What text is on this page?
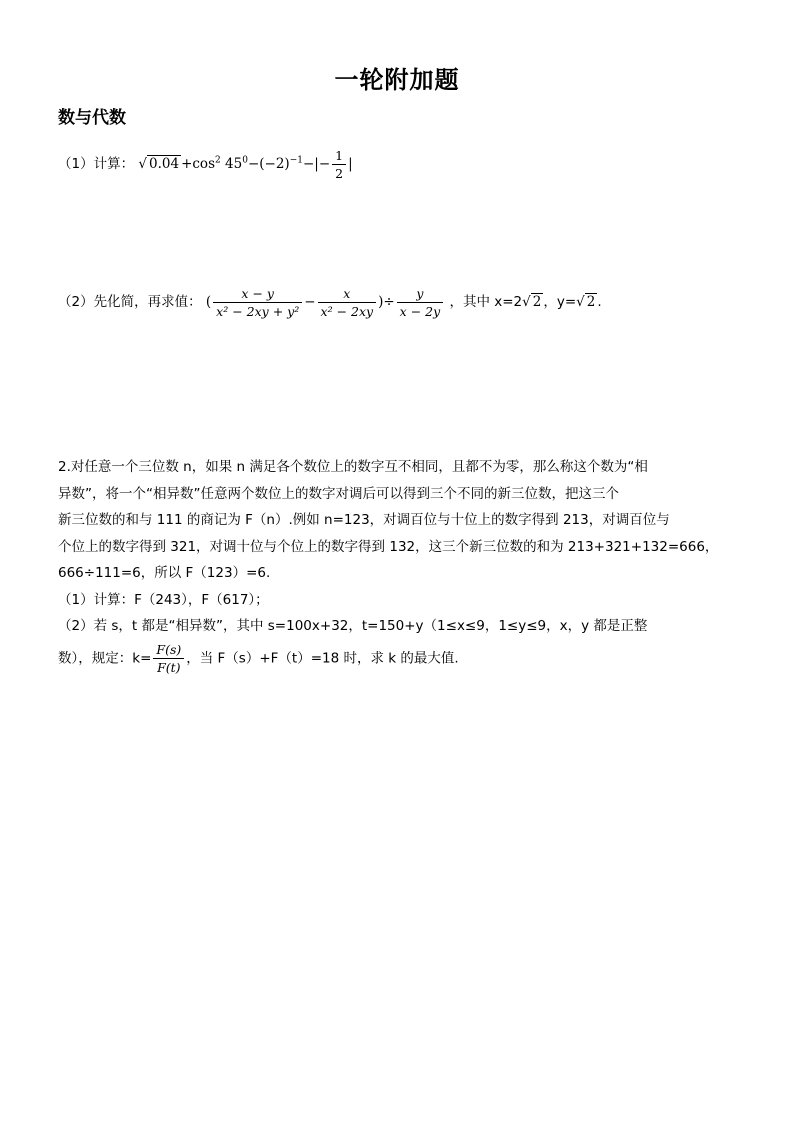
一轮附加题
数与代数
（1）计算： √ $0.04 +\cos^2$ $45^0-(-2)^{-1}-|- \frac{1}{2}$ |
（2）先化简，再求值： ( $\frac{x - y}{\text{x² − 2xy + y²}} - \frac{x}{\text{x² − 2xy}}$ )÷ $\frac{y}{x - 2y}$ ，其中 x=2√ 2 ，y=√ 2 .
2.对任意一个三位数 n，如果 n 满足各个数位上的数字互不相同，且都不为零，那么称这个数为“相
异数”，将一个“相异数”任意两个数位上的数字对调后可以得到三个不同的新三位数，把这三个
新三位数的和与 111 的商记为 F（n）.例如 n=123，对调百位与十位上的数字得到 213，对调百位与
个位上的数字得到 321，对调十位与个位上的数字得到 132，这三个新三位数的和为 213+321+132=666，
666÷111=6，所以 F（123）=6.
（1）计算：F（243），F（617）；
（2）若 s，t 都是“相异数”，其中 s=100x+32，t=150+y（1≤x≤9，1≤y≤9，x，y 都是正整
数），规定：$k= \frac{F(s)}{F(t)}$ ，当 F（s）+F（t）=18 时，求 k 的最大值.
